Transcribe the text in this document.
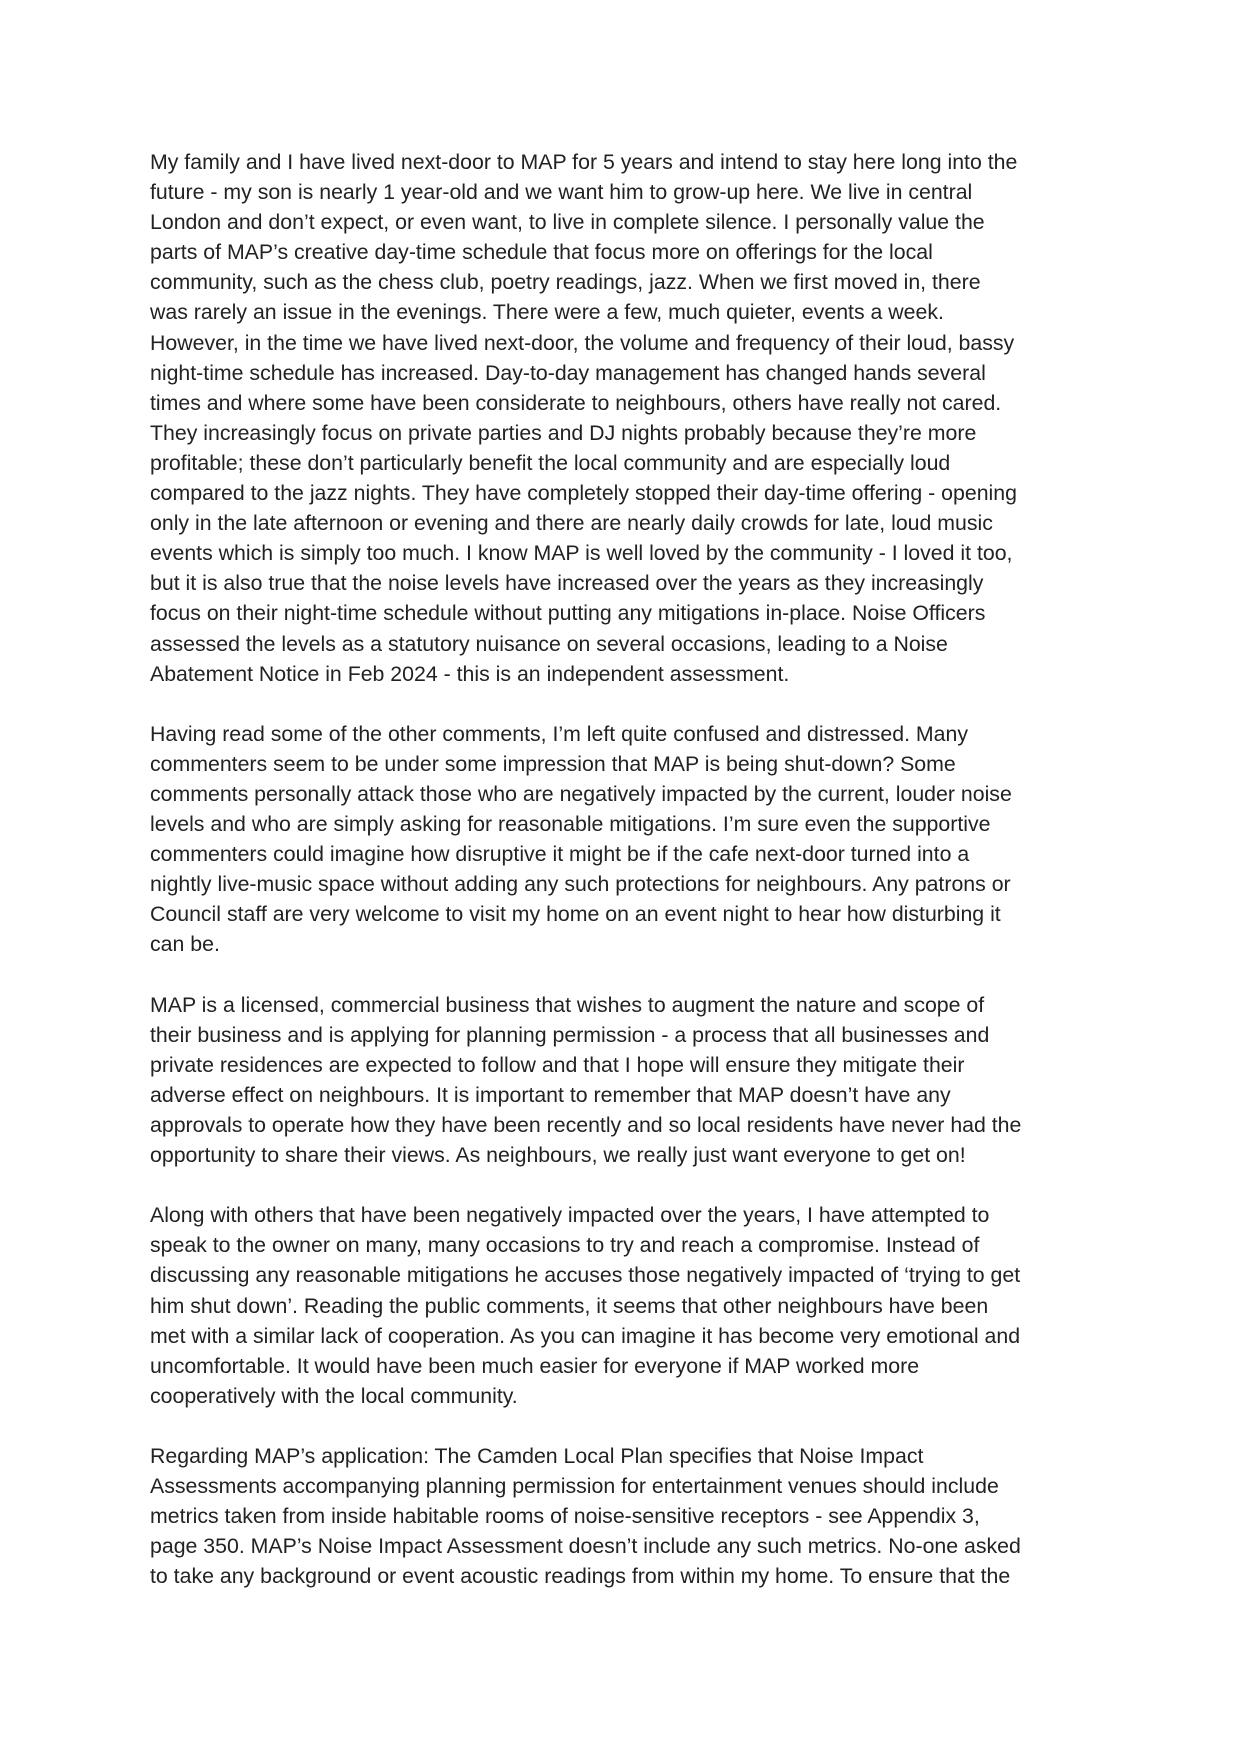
My family and I have lived next-door to MAP for 5 years and intend to stay here long into the
future - my son is nearly 1 year-old and we want him to grow-up here. We live in central
London and don’t expect, or even want, to live in complete silence. I personally value the
parts of MAP’s creative day-time schedule that focus more on offerings for the local
community, such as the chess club, poetry readings, jazz. When we first moved in, there
was rarely an issue in the evenings. There were a few, much quieter, events a week.
However, in the time we have lived next-door, the volume and frequency of their loud, bassy
night-time schedule has increased. Day-to-day management has changed hands several
times and where some have been considerate to neighbours, others have really not cared.
They increasingly focus on private parties and DJ nights probably because they’re more
profitable; these don’t particularly benefit the local community and are especially loud
compared to the jazz nights. They have completely stopped their day-time offering - opening
only in the late afternoon or evening and there are nearly daily crowds for late, loud music
events which is simply too much. I know MAP is well loved by the community - I loved it too,
but it is also true that the noise levels have increased over the years as they increasingly
focus on their night-time schedule without putting any mitigations in-place. Noise Officers
assessed the levels as a statutory nuisance on several occasions, leading to a Noise
Abatement Notice in Feb 2024 - this is an independent assessment.

Having read some of the other comments, I’m left quite confused and distressed. Many
commenters seem to be under some impression that MAP is being shut-down? Some
comments personally attack those who are negatively impacted by the current, louder noise
levels and who are simply asking for reasonable mitigations. I’m sure even the supportive
commenters could imagine how disruptive it might be if the cafe next-door turned into a
nightly live-music space without adding any such protections for neighbours. Any patrons or
Council staff are very welcome to visit my home on an event night to hear how disturbing it
can be.

MAP is a licensed, commercial business that wishes to augment the nature and scope of
their business and is applying for planning permission - a process that all businesses and
private residences are expected to follow and that I hope will ensure they mitigate their
adverse effect on neighbours. It is important to remember that MAP doesn’t have any
approvals to operate how they have been recently and so local residents have never had the
opportunity to share their views. As neighbours, we really just want everyone to get on!

Along with others that have been negatively impacted over the years, I have attempted to
speak to the owner on many, many occasions to try and reach a compromise. Instead of
discussing any reasonable mitigations he accuses those negatively impacted of ‘trying to get
him shut down’. Reading the public comments, it seems that other neighbours have been
met with a similar lack of cooperation. As you can imagine it has become very emotional and
uncomfortable. It would have been much easier for everyone if MAP worked more
cooperatively with the local community.

Regarding MAP’s application: The Camden Local Plan specifies that Noise Impact
Assessments accompanying planning permission for entertainment venues should include
metrics taken from inside habitable rooms of noise-sensitive receptors - see Appendix 3,
page 350. MAP’s Noise Impact Assessment doesn’t include any such metrics. No-one asked
to take any background or event acoustic readings from within my home. To ensure that the
